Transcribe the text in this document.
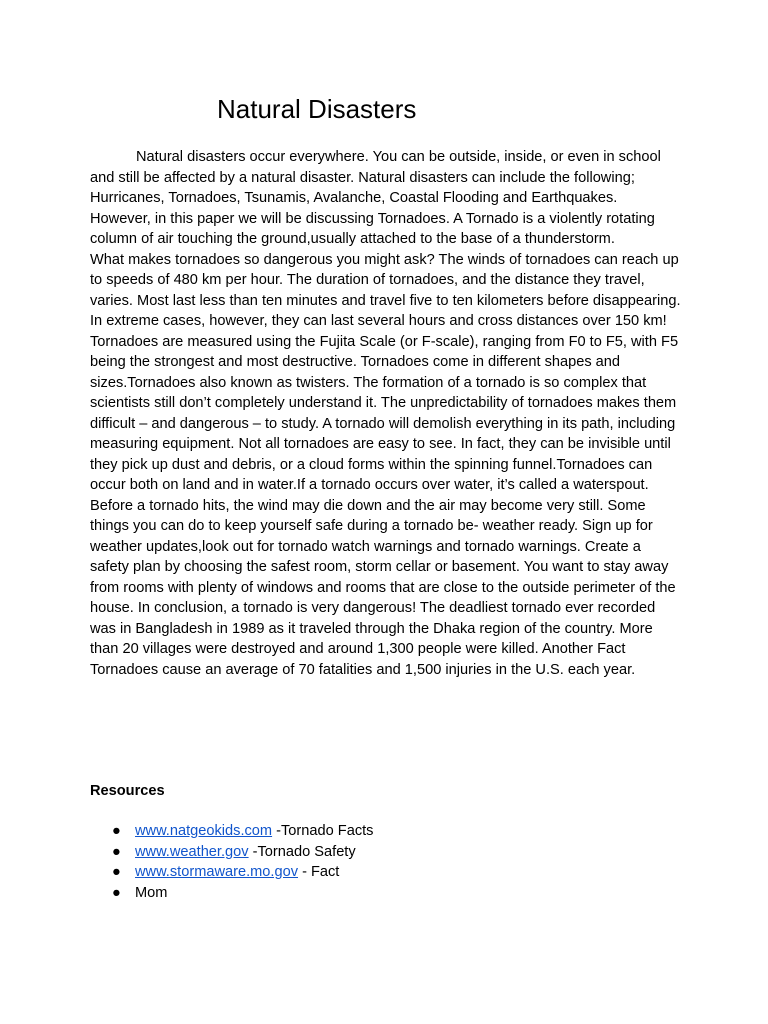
Natural Disasters

Natural disasters occur everywhere. You can be outside, inside, or even in school and still be affected by a natural disaster. Natural disasters can include the following; Hurricanes, Tornadoes, Tsunamis, Avalanche, Coastal Flooding and Earthquakes. However, in this paper we will be discussing Tornadoes. A Tornado is a violently rotating column of air touching the ground,usually attached to the base of a thunderstorm.

What makes tornadoes so dangerous you might ask? The winds of tornadoes can reach up to speeds of 480 km per hour. The duration of tornadoes, and the distance they travel, varies. Most last less than ten minutes and travel five to ten kilometers before disappearing. In extreme cases, however, they can last several hours and cross distances over 150 km! Tornadoes are measured using the Fujita Scale (or F-scale), ranging from F0 to F5, with F5 being the strongest and most destructive. Tornadoes come in different shapes and sizes.Tornadoes also known as twisters. The formation of a tornado is so complex that scientists still don’t completely understand it. The unpredictability of tornadoes makes them difficult – and dangerous – to study. A tornado will demolish everything in its path, including measuring equipment. Not all tornadoes are easy to see. In fact, they can be invisible until they pick up dust and debris, or a cloud forms within the spinning funnel.Tornadoes can occur both on land and in water.If a tornado occurs over water, it’s called a waterspout. Before a tornado hits, the wind may die down and the air may become very still. Some things you can do to keep yourself safe during a tornado be- weather ready. Sign up for weather updates,look out for tornado watch warnings and tornado warnings. Create a safety plan by choosing the safest room, storm cellar or basement. You want to stay away from rooms with plenty of windows and rooms that are close to the outside perimeter of the house. In conclusion, a tornado is very dangerous! The deadliest tornado ever recorded was in Bangladesh in 1989 as it traveled through the Dhaka region of the country. More than 20 villages were destroyed and around 1,300 people were killed. Another Fact Tornadoes cause an average of 70 fatalities and 1,500 injuries in the U.S. each year.

Resources

● www.natgeokids.com -Tornado Facts
● www.weather.gov -Tornado Safety
● www.stormaware.mo.gov - Fact
● Mom
